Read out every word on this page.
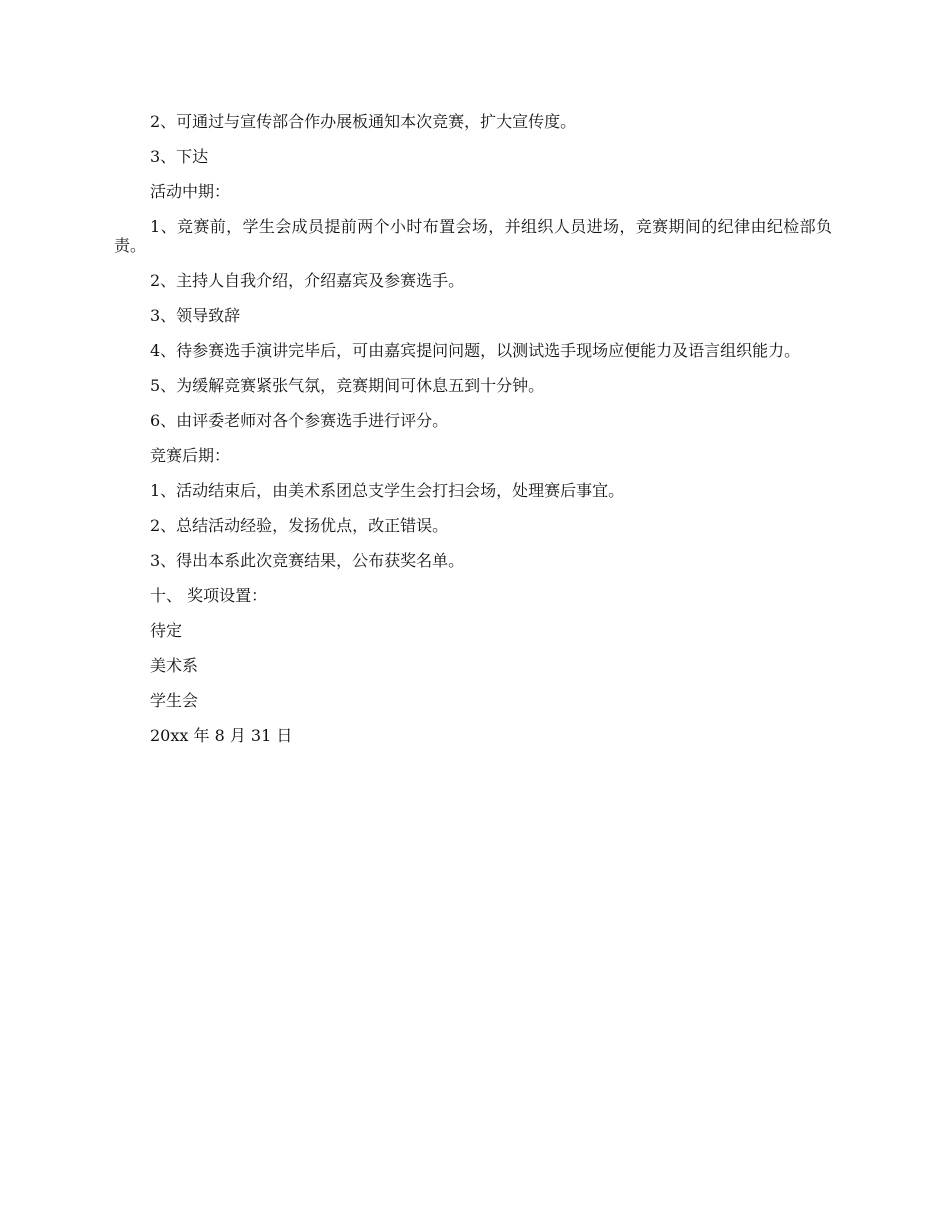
2、可通过与宣传部合作办展板通知本次竞赛，扩大宣传度。

3、下达

活动中期：

1、竞赛前，学生会成员提前两个小时布置会场，并组织人员进场，竞赛期间的纪律由纪检部负责。

2、主持人自我介绍，介绍嘉宾及参赛选手。

3、领导致辞

4、待参赛选手演讲完毕后，可由嘉宾提问问题，以测试选手现场应便能力及语言组织能力。

5、为缓解竞赛紧张气氛，竞赛期间可休息五到十分钟。

6、由评委老师对各个参赛选手进行评分。

竞赛后期：

1、活动结束后，由美术系团总支学生会打扫会场，处理赛后事宜。

2、总结活动经验，发扬优点，改正错误。

3、得出本系此次竞赛结果，公布获奖名单。

十、 奖项设置：

待定

美术系

学生会

20xx 年 8 月 31 日
